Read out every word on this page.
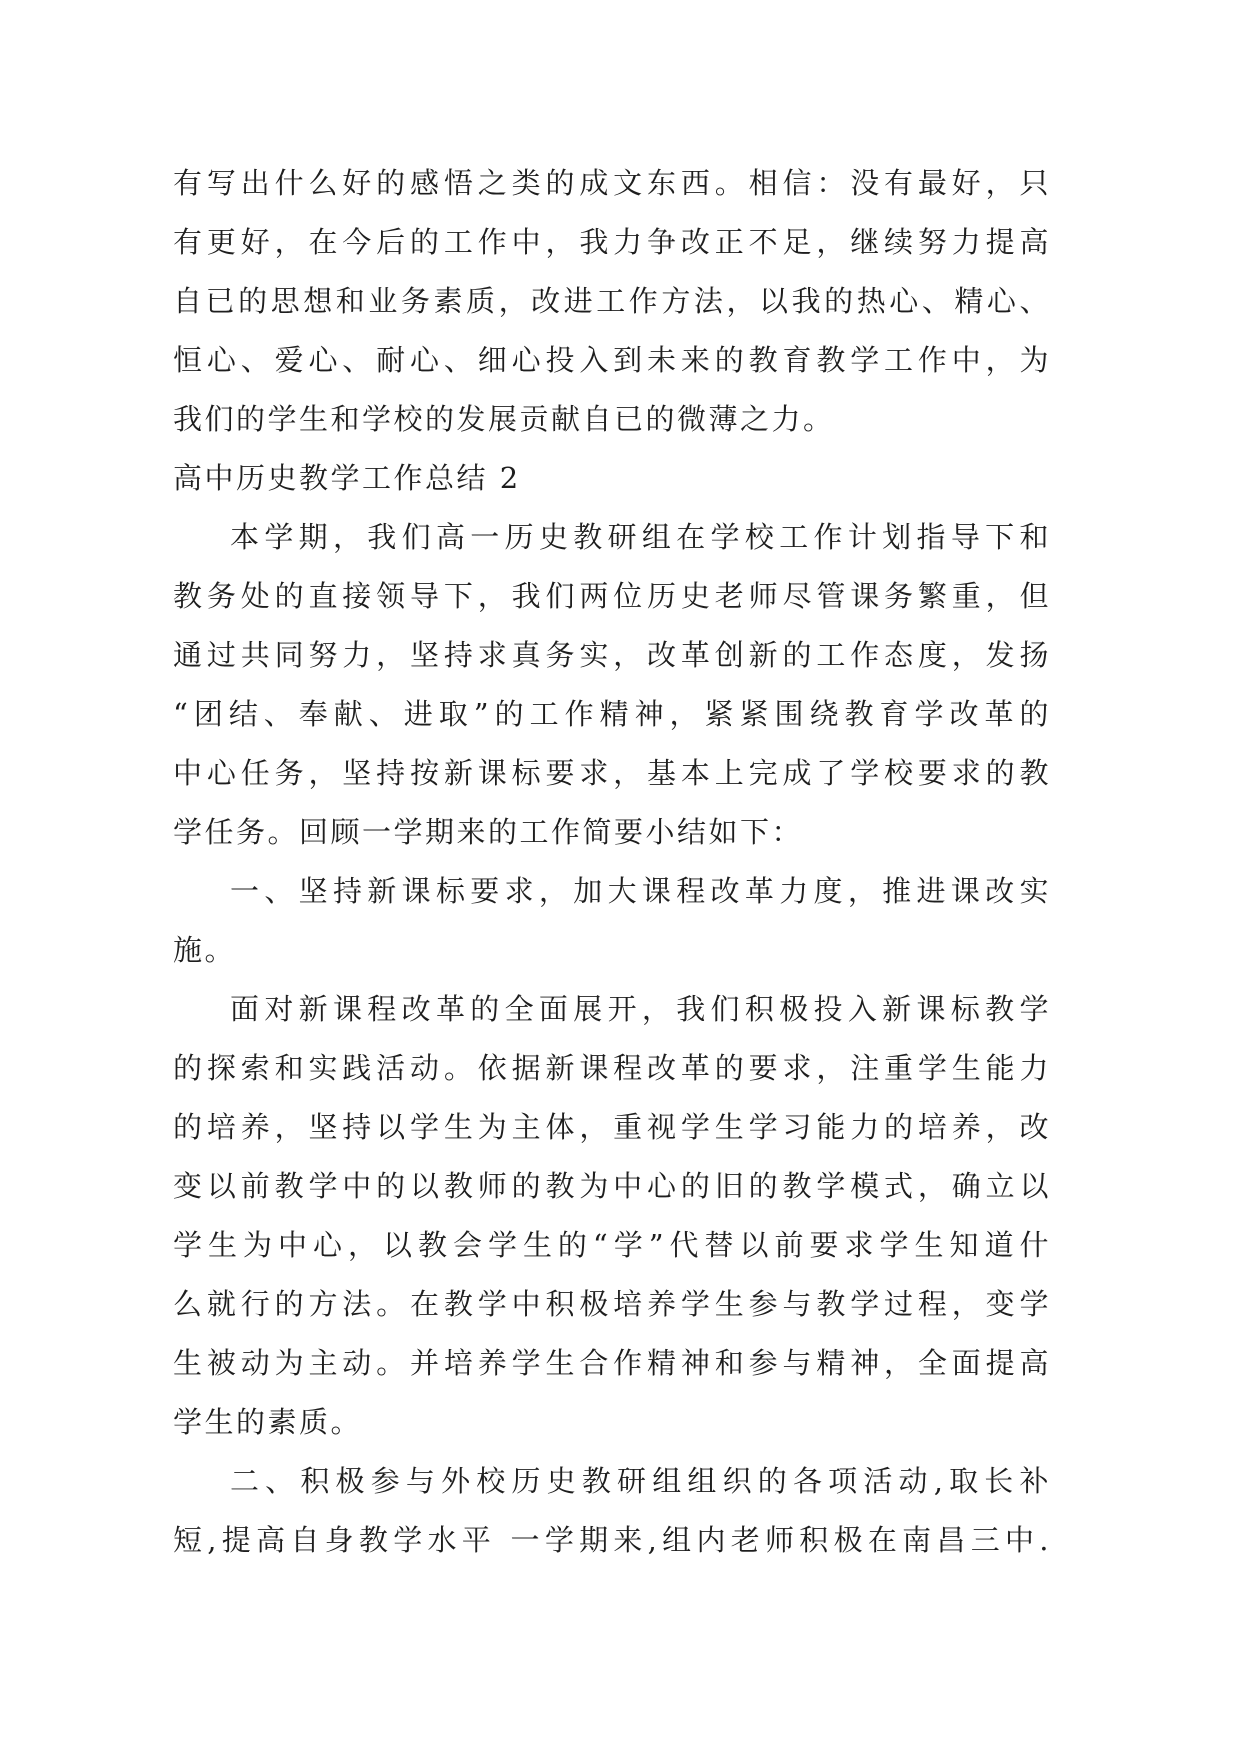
有写出什么好的感悟之类的成文东西。相信：没有最好，只
有更好，在今后的工作中，我力争改正不足，继续努力提高
自已的思想和业务素质，改进工作方法，以我的热心、精心、
恒心、爱心、耐心、细心投入到未来的教育教学工作中，为
我们的学生和学校的发展贡献自已的微薄之力。
高中历史教学工作总结 2
本学期，我们高一历史教研组在学校工作计划指导下和
教务处的直接领导下，我们两位历史老师尽管课务繁重，但
通过共同努力，坚持求真务实，改革创新的工作态度，发扬
“团结、奉献、进取”的工作精神，紧紧围绕教育学改革的
中心任务，坚持按新课标要求，基本上完成了学校要求的教
学任务。回顾一学期来的工作简要小结如下：
一、坚持新课标要求，加大课程改革力度，推进课改实
施。
面对新课程改革的全面展开，我们积极投入新课标教学
的探索和实践活动。依据新课程改革的要求，注重学生能力
的培养，坚持以学生为主体，重视学生学习能力的培养，改
变以前教学中的以教师的教为中心的旧的教学模式，确立以
学生为中心，以教会学生的“学”代替以前要求学生知道什
么就行的方法。在教学中积极培养学生参与教学过程，变学
生被动为主动。并培养学生合作精神和参与精神，全面提高
学生的素质。
二、积极参与外校历史教研组组织的各项活动,取长补
短,提高自身教学水平 一学期来,组内老师积极在南昌三中.
